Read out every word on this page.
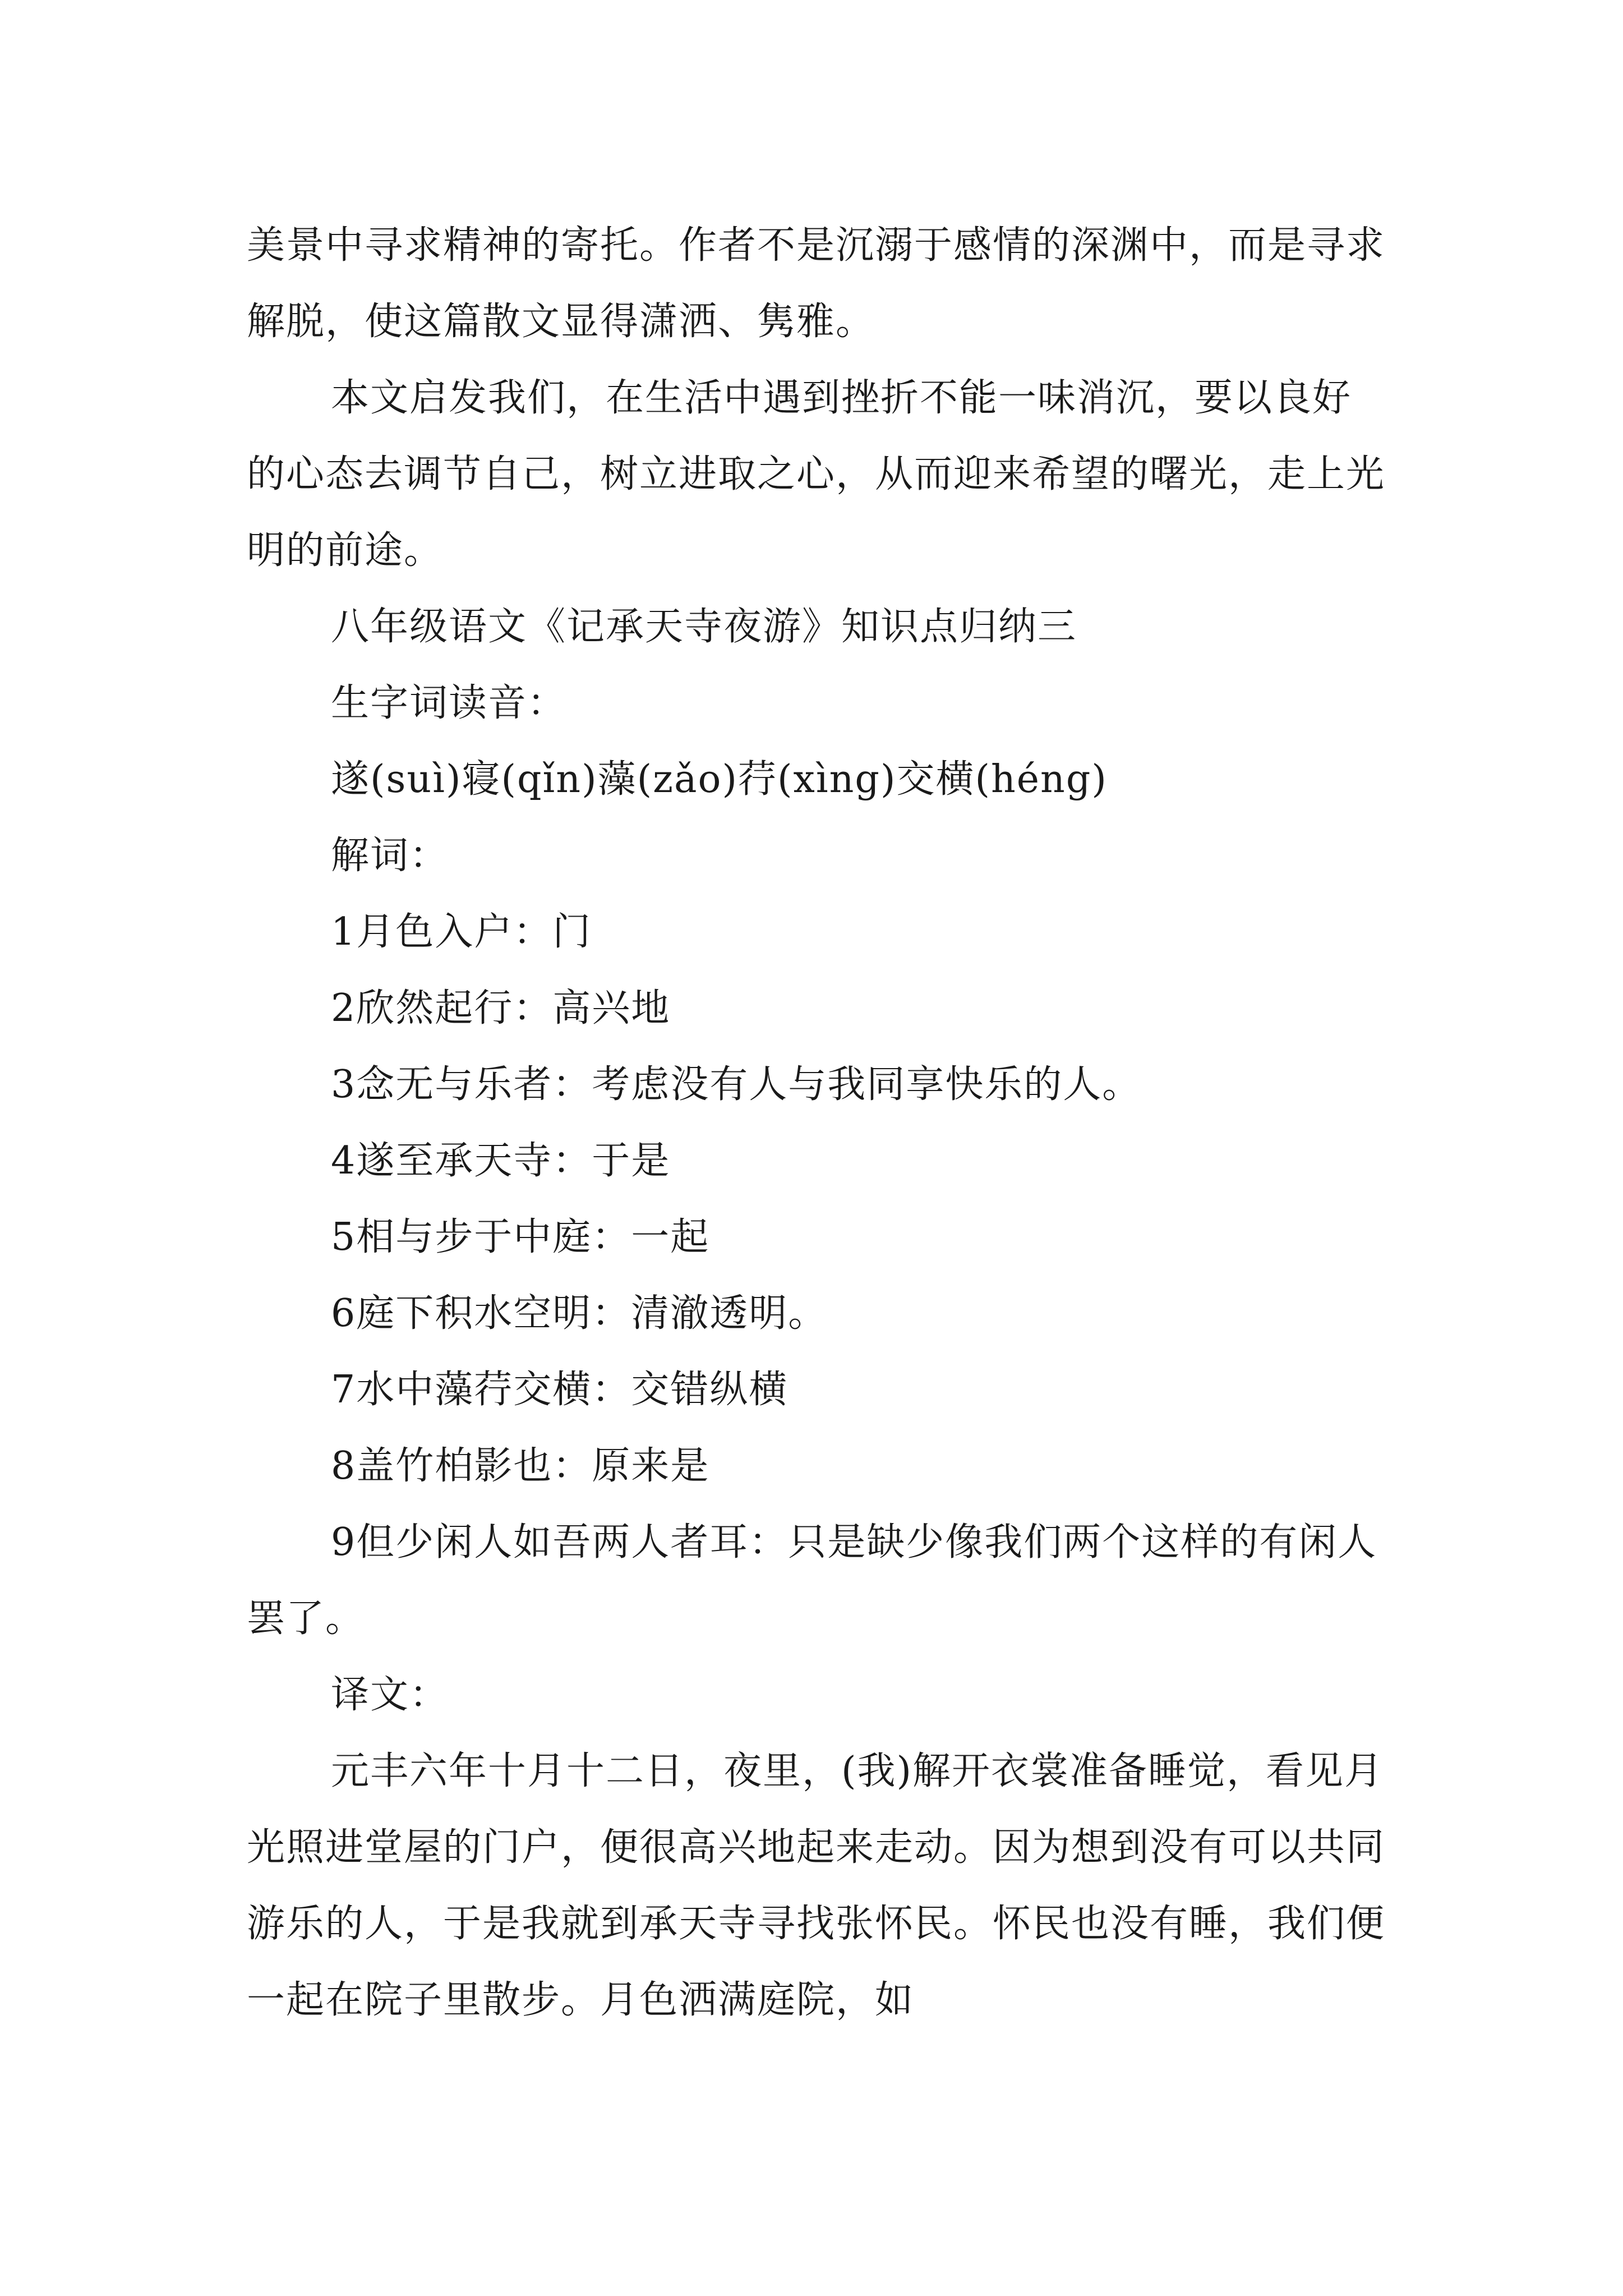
美景中寻求精神的寄托。作者不是沉溺于感情的深渊中，而是寻求解脱，使这篇散文显得潇洒、隽雅。

本文启发我们，在生活中遇到挫折不能一味消沉，要以良好的心态去调节自己，树立进取之心，从而迎来希望的曙光，走上光明的前途。

八年级语文《记承天寺夜游》知识点归纳三

生字词读音：

遂(suì)寝(qǐn)藻(zǎo)荇(xìng)交横(héng)

解词：

1月色入户：门

2欣然起行：高兴地

3念无与乐者：考虑没有人与我同享快乐的人。

4遂至承天寺：于是

5相与步于中庭：一起

6庭下积水空明：清澈透明。

7水中藻荇交横：交错纵横

8盖竹柏影也：原来是

9但少闲人如吾两人者耳：只是缺少像我们两个这样的有闲人罢了。

译文：

元丰六年十月十二日，夜里，(我)解开衣裳准备睡觉，看见月光照进堂屋的门户，便很高兴地起来走动。因为想到没有可以共同游乐的人，于是我就到承天寺寻找张怀民。怀民也没有睡，我们便一起在院子里散步。月色洒满庭院，如
